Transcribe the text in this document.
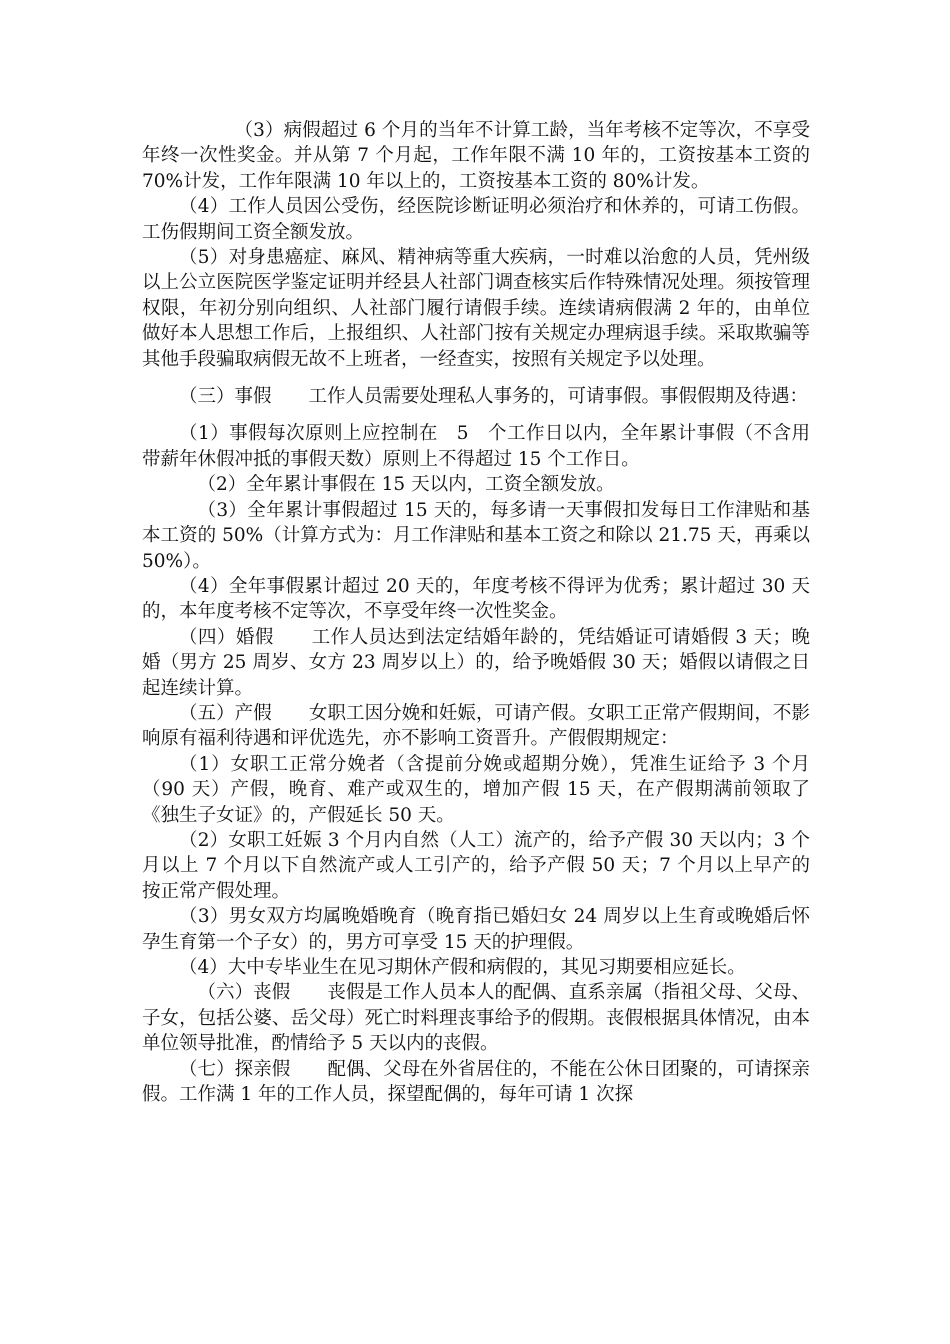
（3）病假超过 6 个月的当年不计算工龄，当年考核不定等次，不享受年终一次性奖金。并从第 7 个月起，工作年限不满 10 年的，工资按基本工资的 70%计发，工作年限满 10 年以上的，工资按基本工资的 80%计发。

（4）工作人员因公受伤，经医院诊断证明必须治疗和休养的，可请工伤假。工伤假期间工资全额发放。

（5）对身患癌症、麻风、精神病等重大疾病，一时难以治愈的人员，凭州级以上公立医院医学鉴定证明并经县人社部门调查核实后作特殊情况处理。须按管理权限，年初分别向组织、人社部门履行请假手续。连续请病假满 2 年的，由单位做好本人思想工作后，上报组织、人社部门按有关规定办理病退手续。采取欺骗等其他手段骗取病假无故不上班者，一经查实，按照有关规定予以处理。

（三）事假　　工作人员需要处理私人事务的，可请事假。事假假期及待遇：

（1）事假每次原则上应控制在　5　个工作日以内，全年累计事假（不含用带薪年休假冲抵的事假天数）原则上不得超过 15 个工作日。

（2）全年累计事假在 15 天以内，工资全额发放。

（3）全年累计事假超过 15 天的，每多请一天事假扣发每日工作津贴和基本工资的 50%（计算方式为：月工作津贴和基本工资之和除以 21.75 天，再乘以 50%）。

（4）全年事假累计超过 20 天的，年度考核不得评为优秀；累计超过 30 天的，本年度考核不定等次，不享受年终一次性奖金。

（四）婚假　　工作人员达到法定结婚年龄的，凭结婚证可请婚假 3 天；晚婚（男方 25 周岁、女方 23 周岁以上）的，给予晚婚假 30 天；婚假以请假之日起连续计算。

（五）产假　　女职工因分娩和妊娠，可请产假。女职工正常产假期间，不影响原有福利待遇和评优选先，亦不影响工资晋升。产假假期规定：

（1）女职工正常分娩者（含提前分娩或超期分娩），凭准生证给予 3 个月（90 天）产假，晚育、难产或双生的，增加产假 15 天，在产假期满前领取了《独生子女证》的，产假延长 50 天。

（2）女职工妊娠 3 个月内自然（人工）流产的，给予产假 30 天以内；3 个月以上 7 个月以下自然流产或人工引产的，给予产假 50 天；7 个月以上早产的按正常产假处理。

（3）男女双方均属晚婚晚育（晚育指已婚妇女 24 周岁以上生育或晚婚后怀孕生育第一个子女）的，男方可享受 15 天的护理假。

（4）大中专毕业生在见习期休产假和病假的，其见习期要相应延长。

（六）丧假　　丧假是工作人员本人的配偶、直系亲属（指祖父母、父母、子女，包括公婆、岳父母）死亡时料理丧事给予的假期。丧假根据具体情况，由本单位领导批准，酌情给予 5 天以内的丧假。

（七）探亲假　　配偶、父母在外省居住的，不能在公休日团聚的，可请探亲假。工作满 1 年的工作人员，探望配偶的，每年可请 1 次探
